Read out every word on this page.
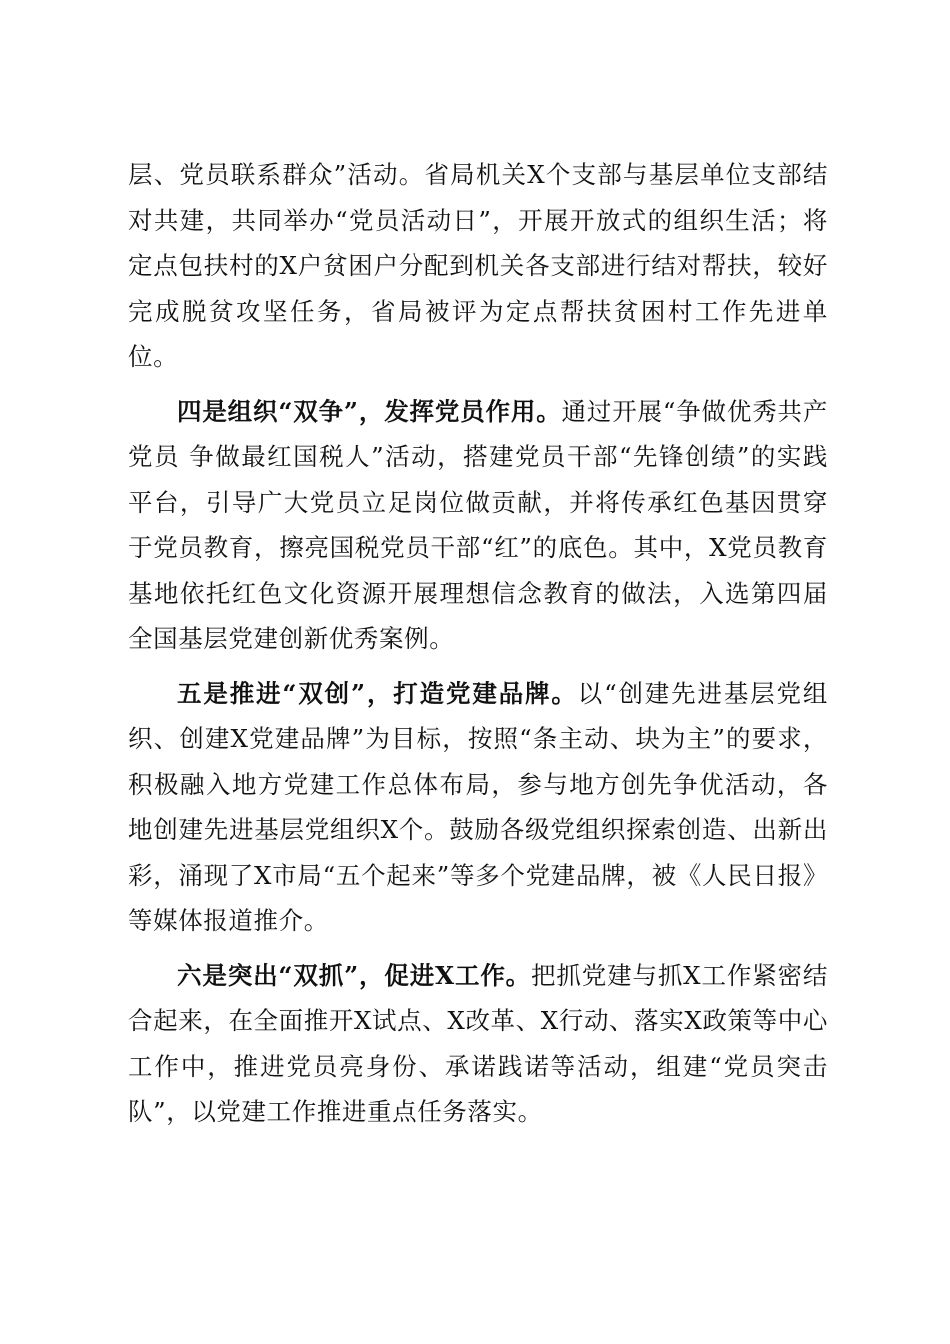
层、党员联系群众”活动。省局机关X个支部与基层单位支部结对共建，共同举办“党员活动日”，开展开放式的组织生活；将定点包扶村的X户贫困户分配到机关各支部进行结对帮扶，较好完成脱贫攻坚任务，省局被评为定点帮扶贫困村工作先进单位。

四是组织“双争”，发挥党员作用。通过开展“争做优秀共产党员 争做最红国税人”活动，搭建党员干部“先锋创绩”的实践平台，引导广大党员立足岗位做贡献，并将传承红色基因贯穿于党员教育，擦亮国税党员干部“红”的底色。其中，X党员教育基地依托红色文化资源开展理想信念教育的做法，入选第四届全国基层党建创新优秀案例。

五是推进“双创”，打造党建品牌。以“创建先进基层党组织、创建X党建品牌”为目标，按照“条主动、块为主”的要求，积极融入地方党建工作总体布局，参与地方创先争优活动，各地创建先进基层党组织X个。鼓励各级党组织探索创造、出新出彩，涌现了X市局“五个起来”等多个党建品牌，被《人民日报》等媒体报道推介。

六是突出“双抓”，促进X工作。把抓党建与抓X工作紧密结合起来，在全面推开X试点、X改革、X行动、落实X政策等中心工作中，推进党员亮身份、承诺践诺等活动，组建“党员突击队”，以党建工作推进重点任务落实。
